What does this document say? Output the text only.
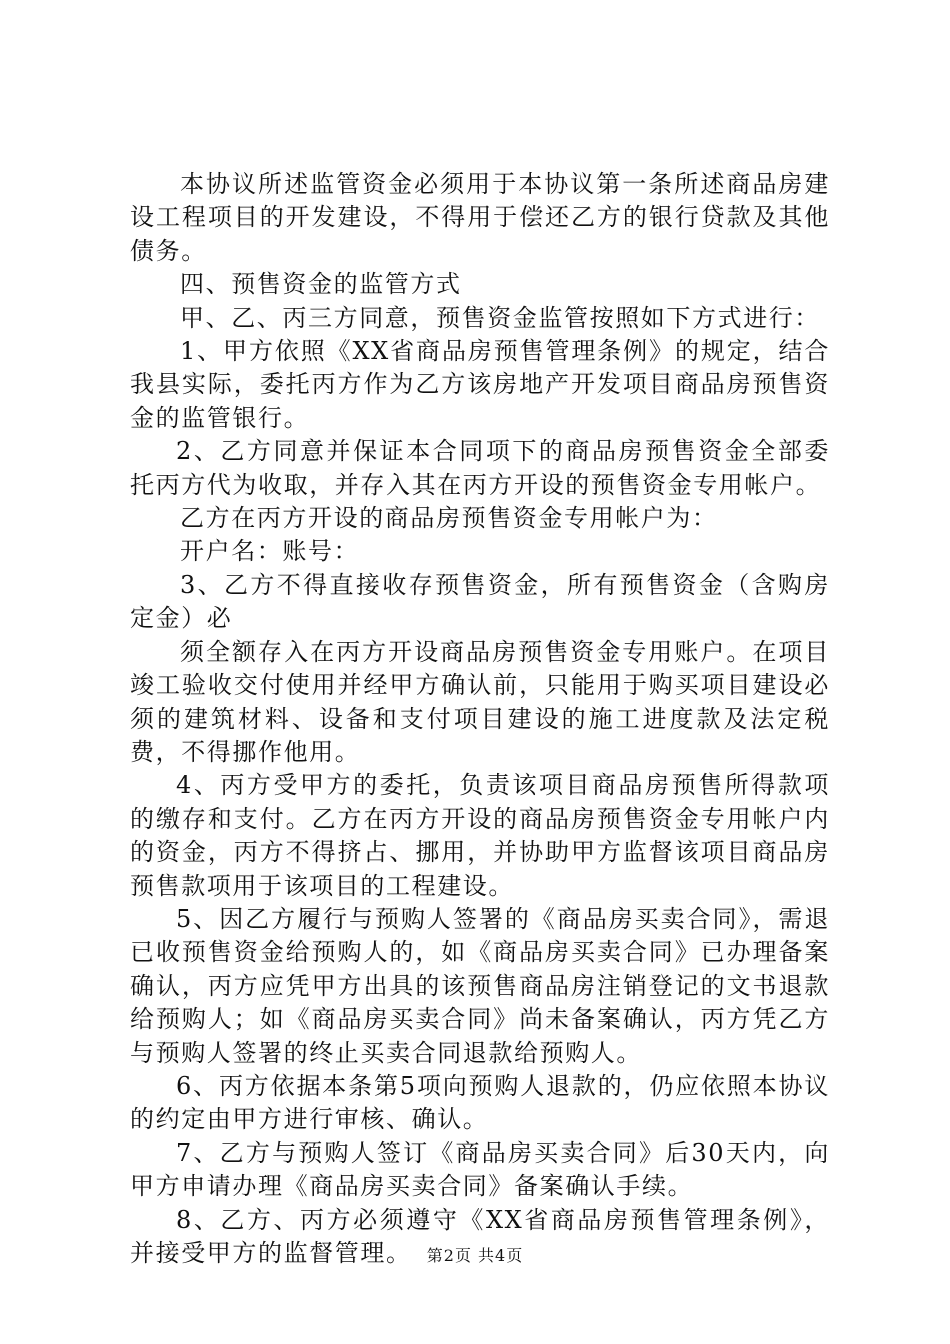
本协议所述监管资金必须用于本协议第一条所述商品房建设工程项目的开发建设，不得用于偿还乙方的银行贷款及其他债务。

四、预售资金的监管方式

甲、乙、丙三方同意，预售资金监管按照如下方式进行：

1、甲方依照《XX省商品房预售管理条例》的规定，结合我县实际，委托丙方作为乙方该房地产开发项目商品房预售资金的监管银行。

2、乙方同意并保证本合同项下的商品房预售资金全部委托丙方代为收取，并存入其在丙方开设的预售资金专用帐户。

乙方在丙方开设的商品房预售资金专用帐户为：

开户名：账号：

3、乙方不得直接收存预售资金，所有预售资金（含购房定金）必

须全额存入在丙方开设商品房预售资金专用账户。在项目竣工验收交付使用并经甲方确认前，只能用于购买项目建设必须的建筑材料、设备和支付项目建设的施工进度款及法定税费，不得挪作他用。

4、丙方受甲方的委托，负责该项目商品房预售所得款项的缴存和支付。乙方在丙方开设的商品房预售资金专用帐户内的资金，丙方不得挤占、挪用，并协助甲方监督该项目商品房预售款项用于该项目的工程建设。

5、因乙方履行与预购人签署的《商品房买卖合同》，需退已收预售资金给预购人的，如《商品房买卖合同》已办理备案确认，丙方应凭甲方出具的该预售商品房注销登记的文书退款给预购人；如《商品房买卖合同》尚未备案确认，丙方凭乙方与预购人签署的终止买卖合同退款给预购人。

6、丙方依据本条第5项向预购人退款的，仍应依照本协议的约定由甲方进行审核、确认。

7、乙方与预购人签订《商品房买卖合同》后30天内，向甲方申请办理《商品房买卖合同》备案确认手续。

8、乙方、丙方必须遵守《XX省商品房预售管理条例》，并接受甲方的监督管理。 第2页 共4页
